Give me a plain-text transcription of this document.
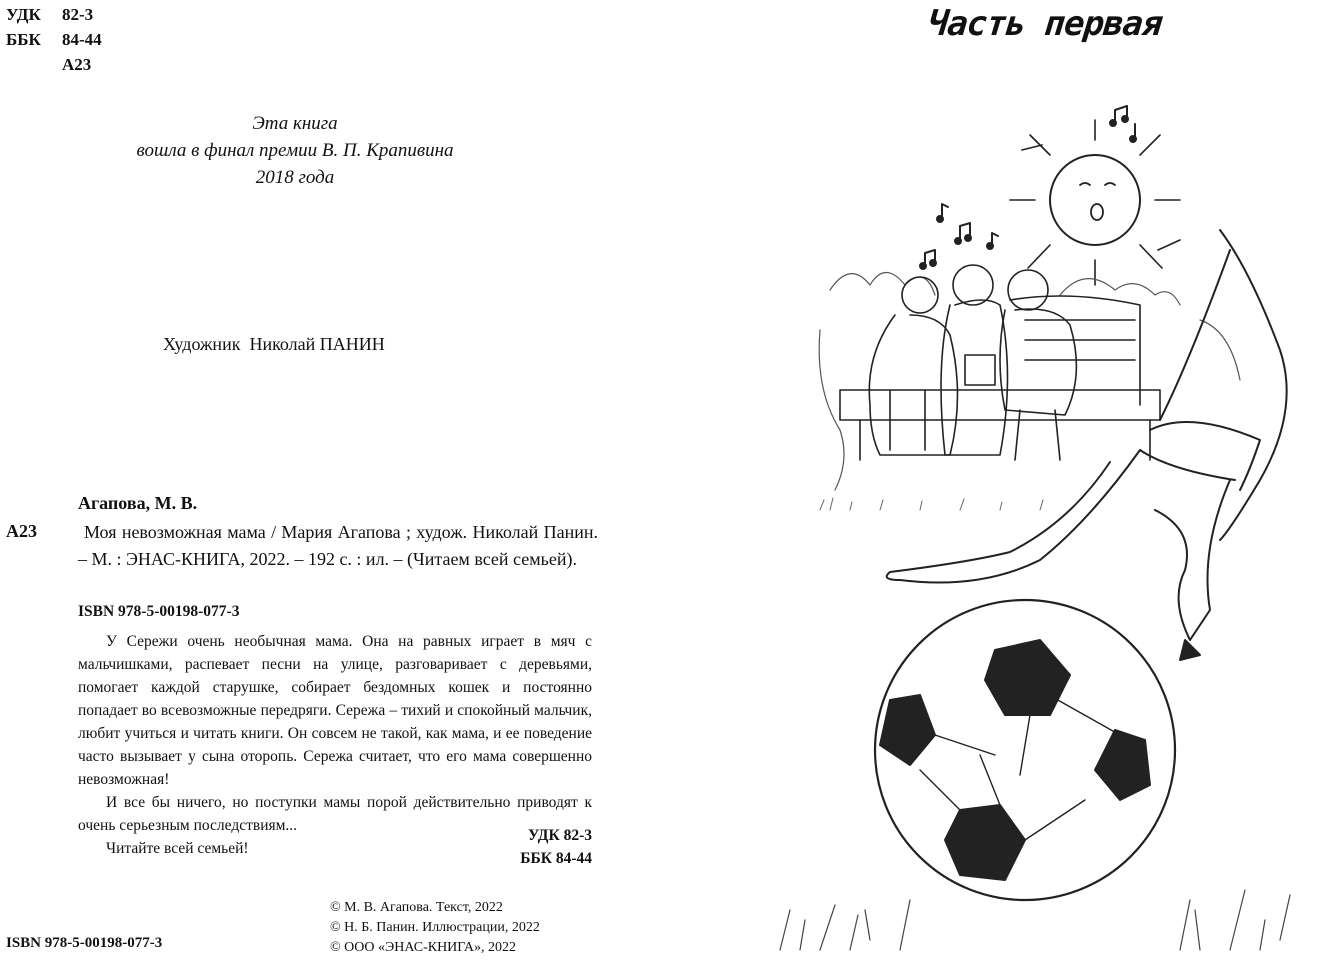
УДК	82-3
ББК	84-44
А23
Эта книга
вошла в финал премии В. П. Крапивина
2018 года
Художник  Николай ПАНИН
Агапова, М. В.
А23	Моя невозможная мама / Мария Агапова ; худож. Николай Панин. – М. : ЭНАС-КНИГА, 2022. – 192 с. : ил. – (Читаем всей семьей).

ISBN 978-5-00198-077-3

У Сережи очень необычная мама. Она на равных играет в мяч с мальчишками, распевает песни на улице, разговаривает с деревьями, помогает каждой старушке, собирает бездомных кошек и постоянно попадает во всевозможные передряги. Сережа – тихий и спокойный мальчик, любит учиться и читать книги. Он совсем не такой, как мама, и ее поведение часто вызывает у сына оторопь. Сережа считает, что его мама совершенно невозможная!

И все бы ничего, но поступки мамы порой действительно приводят к очень серьезным последствиям...

Читайте всей семьей!

УДК 82-3
ББК 84-44
© М. В. Агапова. Текст, 2022
© Н. Б. Панин. Иллюстрации, 2022
© ООО «ЭНАС-КНИГА», 2022
ISBN 978-5-00198-077-3
Часть первая
